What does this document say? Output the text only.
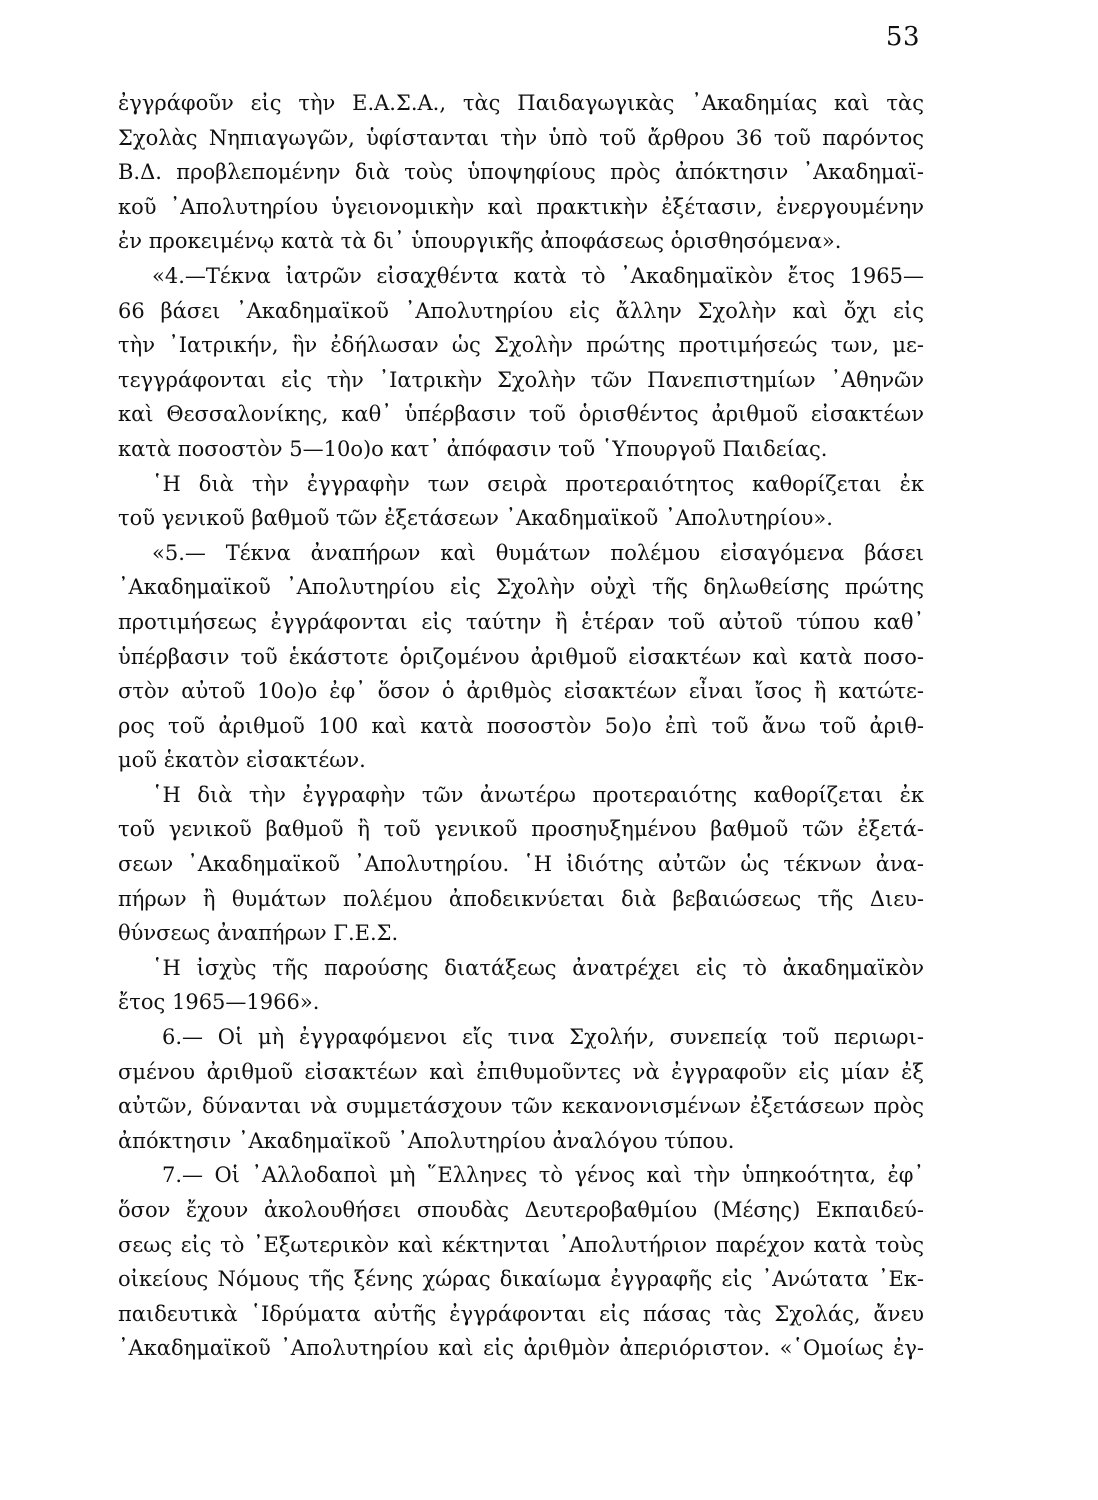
53
ἐγγράφοῦν εἰς τὴν Ε.Α.Σ.Α., τὰς Παιδαγωγικὰς ᾿Ακαδημίας καὶ τὰς
Σχολὰς Νηπιαγωγῶν, ὑφίστανται τὴν ὑπὸ τοῦ ἄρθρου 36 τοῦ παρόντος
Β.Δ. προβλεπομένην διὰ τοὺς ὑποψηφίους πρὸς ἀπόκτησιν ᾿Ακαδημαϊ-
κοῦ ᾿Απολυτηρίου ὑγειονομικὴν καὶ πρακτικὴν ἐξέτασιν, ἐνεργουμένην
ἐν προκειμένῳ κατὰ τὰ δι᾿ ὑπουργικῆς ἀποφάσεως ὁρισθησόμενα».
«4.—Τέκνα ἰατρῶν εἰσαχθέντα κατὰ τὸ ᾿Ακαδημαϊκὸν ἔτος 1965—
66 βάσει ᾿Ακαδημαϊκοῦ ᾿Απολυτηρίου εἰς ἄλλην Σχολὴν καὶ ὄχι εἰς
τὴν ᾿Ιατρικήν, ἣν ἐδήλωσαν ὡς Σχολὴν πρώτης προτιμήσεώς των, με-
τεγγράφονται εἰς τὴν ᾿Ιατρικὴν Σχολὴν τῶν Πανεπιστημίων ᾿Αθηνῶν
καὶ Θεσσαλονίκης, καθ᾿ ὑπέρβασιν τοῦ ὁρισθέντος ἀριθμοῦ εἰσακτέων
κατὰ ποσοστὸν 5—10ο)ο κατ᾿ ἀπόφασιν τοῦ ῾Υπουργοῦ Παιδείας.
῾Η διὰ τὴν ἐγγραφὴν των σειρὰ προτεραιότητος καθορίζεται ἐκ
τοῦ γενικοῦ βαθμοῦ τῶν ἐξετάσεων ᾿Ακαδημαϊκοῦ ᾿Απολυτηρίου».
«5.— Τέκνα ἀναπήρων καὶ θυμάτων πολέμου εἰσαγόμενα βάσει
᾿Ακαδημαϊκοῦ ᾿Απολυτηρίου εἰς Σχολὴν οὐχὶ τῆς δηλωθείσης πρώτης
προτιμήσεως ἐγγράφονται εἰς ταύτην ἢ ἑτέραν τοῦ αὐτοῦ τύπου καθ᾿
ὑπέρβασιν τοῦ ἑκάστοτε ὁριζομένου ἀριθμοῦ εἰσακτέων καὶ κατὰ ποσο-
στὸν αὐτοῦ 10ο)ο ἐφ᾿ ὅσον ὁ ἀριθμὸς εἰσακτέων εἶναι ἴσος ἢ κατώτε-
ρος τοῦ ἀριθμοῦ 100 καὶ κατὰ ποσοστὸν 5ο)ο ἐπὶ τοῦ ἄνω τοῦ ἀριθ-
μοῦ ἑκατὸν εἰσακτέων.
῾Η διὰ τὴν ἐγγραφὴν τῶν ἀνωτέρω προτεραιότης καθορίζεται ἐκ
τοῦ γενικοῦ βαθμοῦ ἢ τοῦ γενικοῦ προσηυξημένου βαθμοῦ τῶν ἐξετά-
σεων ᾿Ακαδημαϊκοῦ ᾿Απολυτηρίου. ῾Η ἰδιότης αὐτῶν ὡς τέκνων ἀνα-
πήρων ἢ θυμάτων πολέμου ἀποδεικνύεται διὰ βεβαιώσεως τῆς Διευ-
θύνσεως ἀναπήρων Γ.Ε.Σ.
῾Η ἰσχὺς τῆς παρούσης διατάξεως ἀνατρέχει εἰς τὸ ἀκαδημαϊκὸν
ἔτος 1965—1966».
6.— Οἱ μὴ ἐγγραφόμενοι εἴς τινα Σχολήν, συνεπείᾳ τοῦ περιωρι-
σμένου ἀριθμοῦ εἰσακτέων καὶ ἐπιθυμοῦντες νὰ ἐγγραφοῦν εἰς μίαν ἐξ
αὐτῶν, δύνανται νὰ συμμετάσχουν τῶν κεκανονισμένων ἐξετάσεων πρὸς
ἀπόκτησιν ᾿Ακαδημαϊκοῦ ᾿Απολυτηρίου ἀναλόγου τύπου.
7.— Οἱ ᾿Αλλοδαποὶ μὴ ῞Ελληνες τὸ γένος καὶ τὴν ὑπηκοότητα, ἐφ᾿
ὅσον ἔχουν ἀκολουθήσει σπουδὰς Δευτεροβαθμίου (Μέσης) Εκπαιδεύ-
σεως εἰς τὸ ᾿Εξωτερικὸν καὶ κέκτηνται ᾿Απολυτήριον παρέχον κατὰ τοὺς
οἰκείους Νόμους τῆς ξένης χώρας δικαίωμα ἐγγραφῆς εἰς ᾿Ανώτατα ᾿Εκ-
παιδευτικὰ ῾Ιδρύματα αὐτῆς ἐγγράφονται εἰς πάσας τὰς Σχολάς, ἄνευ
᾿Ακαδημαϊκοῦ ᾿Απολυτηρίου καὶ εἰς ἀριθμὸν ἀπεριόριστον. «῾Ομοίως ἐγ-
